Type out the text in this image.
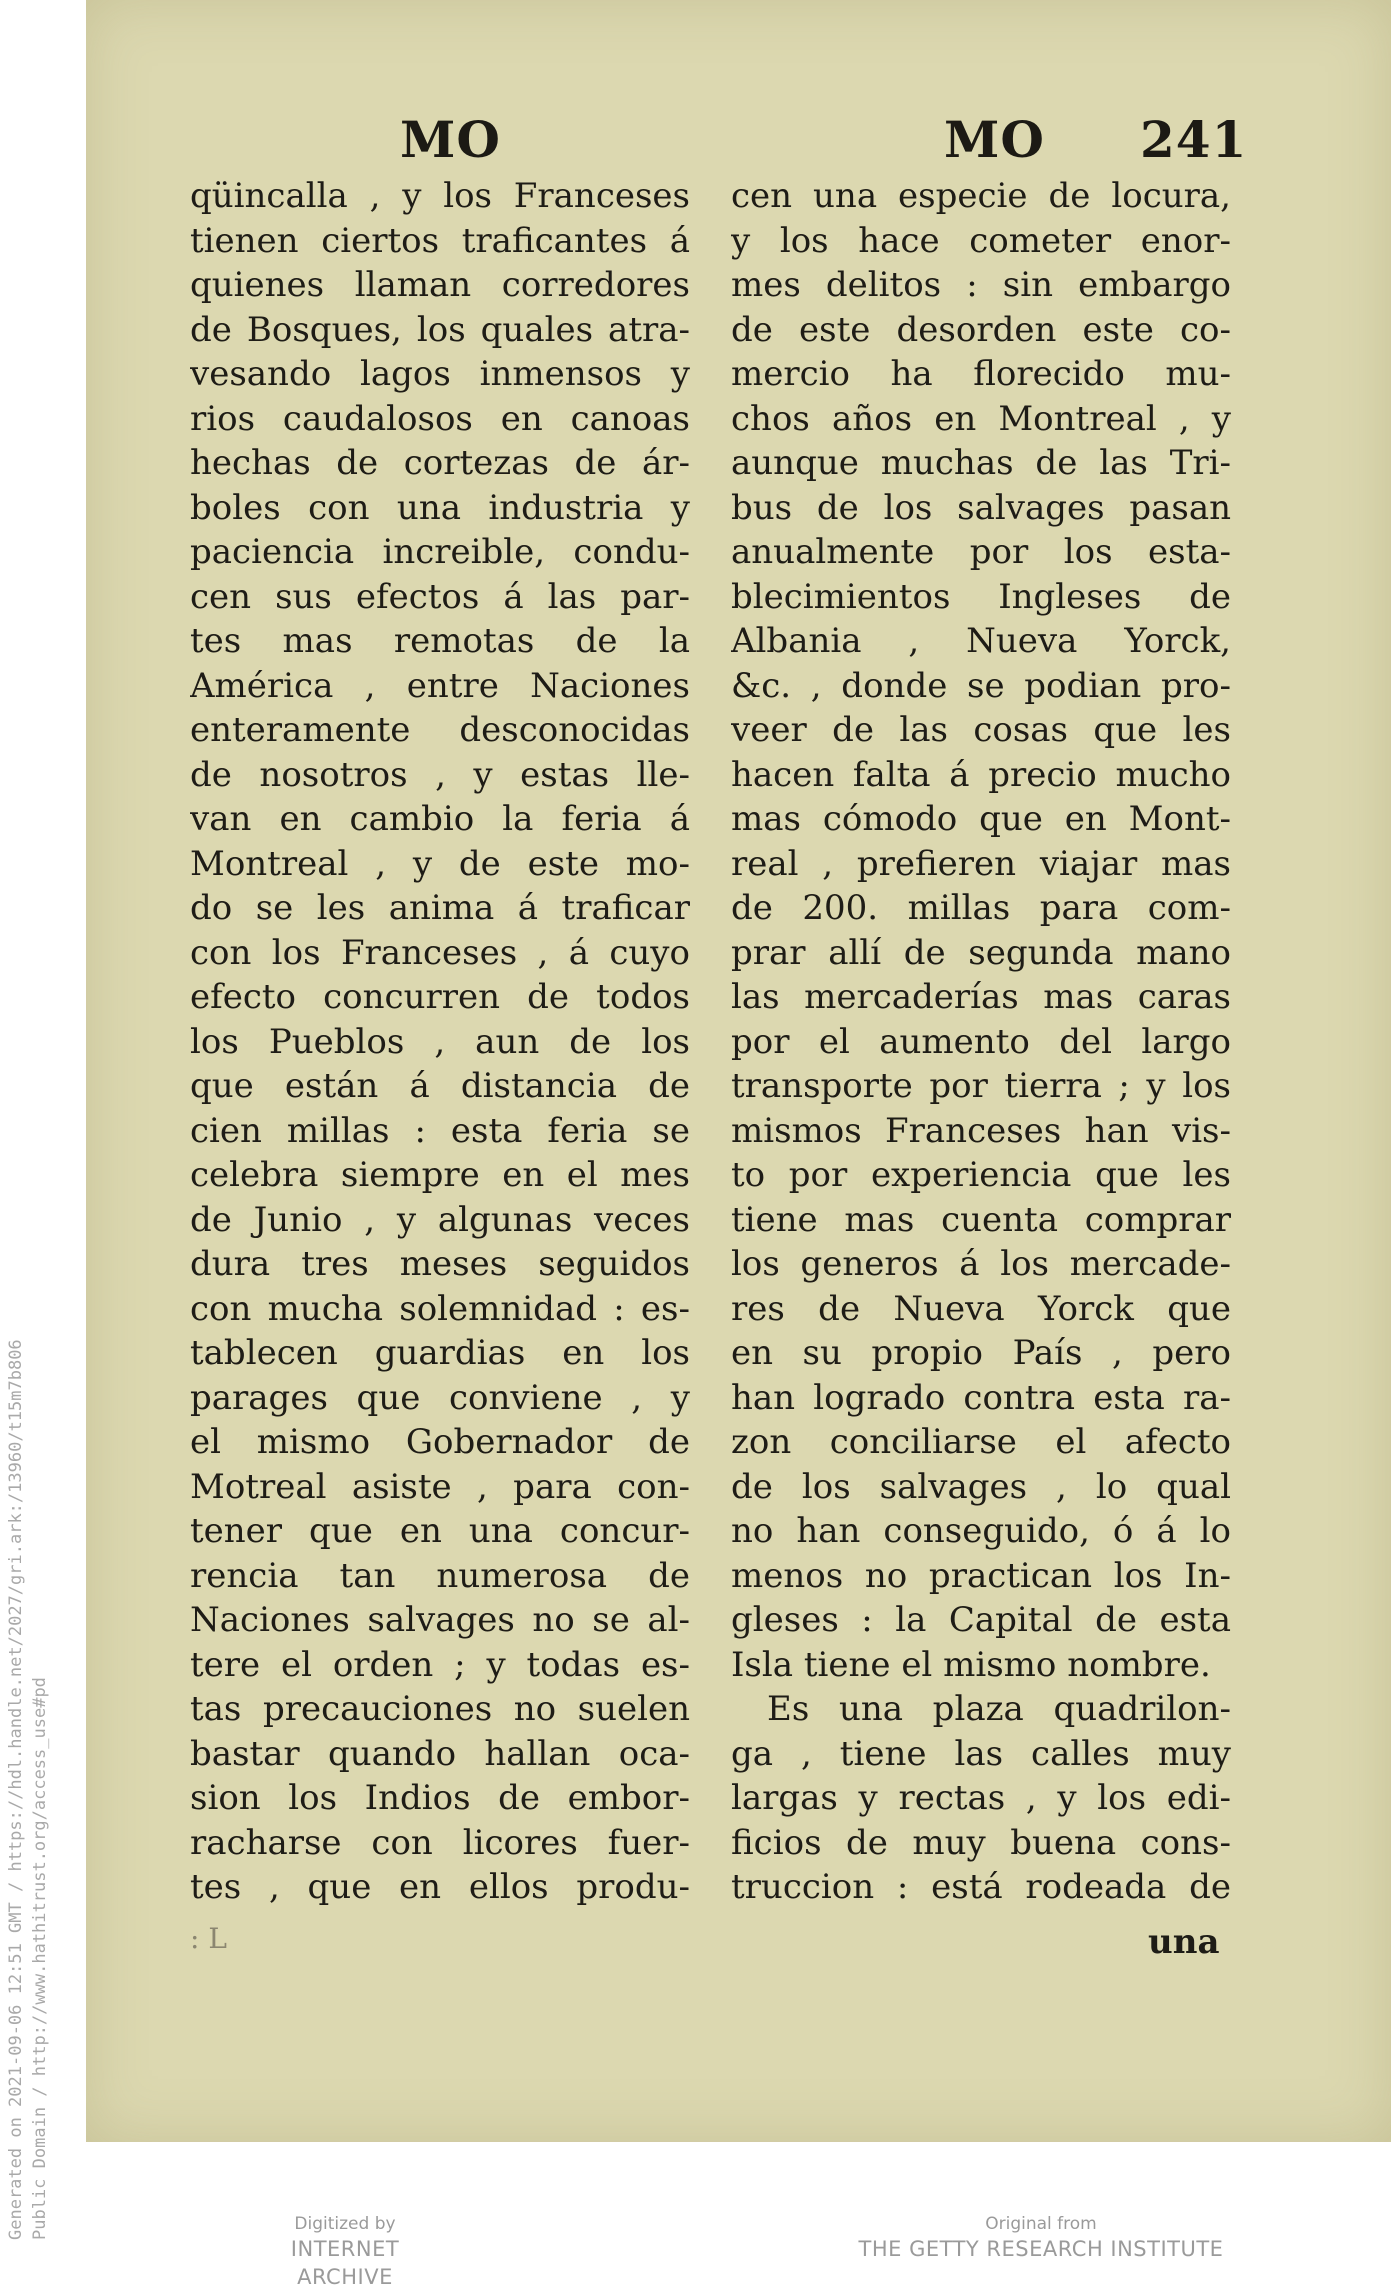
Generated on 2021-09-06 12:51 GMT / https://hdl.handle.net/2027/gri.ark:/13960/t15m7b806 Public Domain / http://www.hathitrust.org/access_use#pd
MO	MO 241
qüincalla , y los Franceses
tienen ciertos traficantes á
quienes llaman corredores
de Bosques, los quales atra-
vesando lagos inmensos y
rios caudalosos en canoas
hechas de cortezas de ár-
boles con una industria y
paciencia increible, condu-
cen sus efectos á las par-
tes mas remotas de la
América , entre Naciones
enteramente desconocidas
de nosotros , y estas lle-
van en cambio la feria á
Montreal , y de este mo-
do se les anima á traficar
con los Franceses , á cuyo
efecto concurren de todos
los Pueblos , aun de los
que están á distancia de
cien millas : esta feria se
celebra siempre en el mes
de Junio , y algunas veces
dura tres meses seguidos
con mucha solemnidad : es-
tablecen guardias en los
parages que conviene , y
el mismo Gobernador de
Motreal asiste , para con-
tener que en una concur-
rencia tan numerosa de
Naciones salvages no se al-
tere el orden ; y todas es-
tas precauciones no suelen
bastar quando hallan oca-
sion los Indios de embor-
racharse con licores fuer-
tes , que en ellos produ-
cen una especie de locura,
y los hace cometer enor-
mes delitos : sin embargo
de este desorden este co-
mercio ha florecido mu-
chos años en Montreal , y
aunque muchas de las Tri-
bus de los salvages pasan
anualmente por los esta-
blecimientos Ingleses de
Albania , Nueva Yorck,
&c. , donde se podian pro-
veer de las cosas que les
hacen falta á precio mucho
mas cómodo que en Mont-
real , prefieren viajar mas
de 200. millas para com-
prar allí de segunda mano
las mercaderías mas caras
por el aumento del largo
transporte por tierra ; y los
mismos Franceses han vis-
to por experiencia que les
tiene mas cuenta comprar
los generos á los mercade-
res de Nueva Yorck que
en su propio País , pero
han logrado contra esta ra-
zon conciliarse el afecto
de los salvages , lo qual
no han conseguido, ó á lo
menos no practican los In-
gleses : la Capital de esta
Isla tiene el mismo nombre.
Es una plaza quadrilon-
ga , tiene las calles muy
largas y rectas , y los edi-
ficios de muy buena cons-
truccion : está rodeada de
: L	una
Digitized by
INTERNET ARCHIVE
Original from
THE GETTY RESEARCH INSTITUTE
